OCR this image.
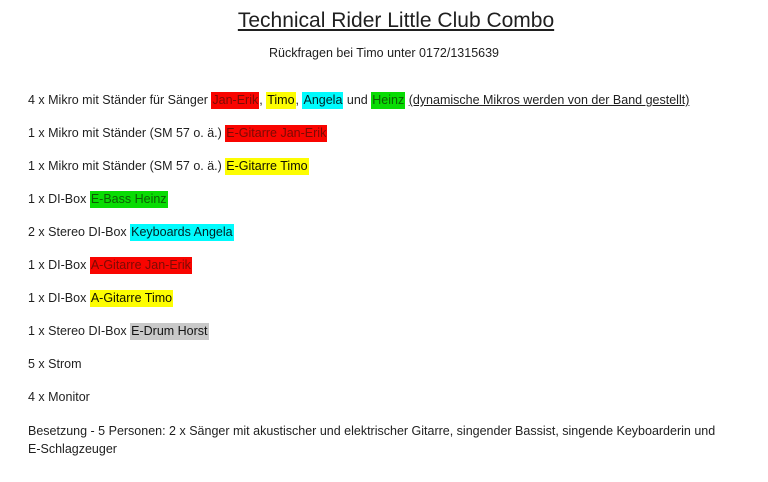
Technical Rider Little Club Combo

Rückfragen bei Timo unter 0172/1315639

4 x Mikro mit Ständer für Sänger Jan-Erik, Timo, Angela und Heinz (dynamische Mikros werden von der Band gestellt)

1 x Mikro mit Ständer (SM 57 o. ä.) E-Gitarre Jan-Erik

1 x Mikro mit Ständer (SM 57 o. ä.) E-Gitarre Timo

1 x DI-Box E-Bass Heinz

2 x Stereo DI-Box Keyboards Angela

1 x DI-Box A-Gitarre Jan-Erik

1 x DI-Box A-Gitarre Timo

1 x Stereo DI-Box E-Drum Horst

5 x Strom

4 x Monitor

Besetzung - 5 Personen: 2 x Sänger mit akustischer und elektrischer Gitarre, singender Bassist, singende Keyboarderin und E-Schlagzeuger
